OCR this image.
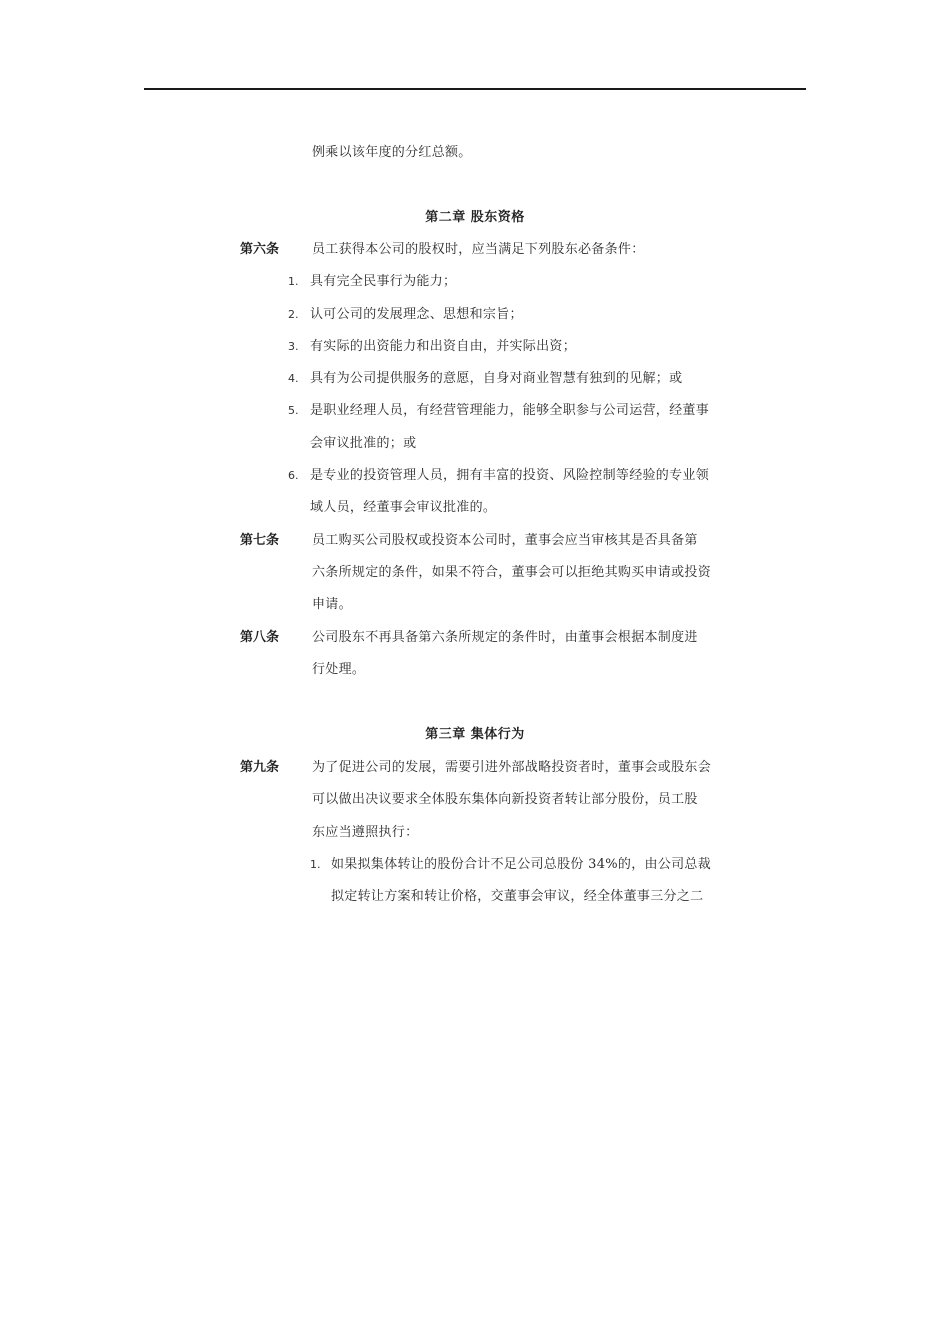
例乘以该年度的分红总额。
第二章 股东资格
第六条	员工获得本公司的股权时，应当满足下列股东必备条件：
1. 具有完全民事行为能力；
2. 认可公司的发展理念、思想和宗旨；
3. 有实际的出资能力和出资自由，并实际出资；
4. 具有为公司提供服务的意愿，自身对商业智慧有独到的见解；或
5. 是职业经理人员，有经营管理能力，能够全职参与公司运营，经董事
会审议批准的；或
6. 是专业的投资管理人员，拥有丰富的投资、风险控制等经验的专业领
域人员，经董事会审议批准的。
第七条	员工购买公司股权或投资本公司时，董事会应当审核其是否具备第
六条所规定的条件，如果不符合，董事会可以拒绝其购买申请或投资
申请。
第八条	公司股东不再具备第六条所规定的条件时，由董事会根据本制度进
行处理。
第三章 集体行为
第九条	为了促进公司的发展，需要引进外部战略投资者时，董事会或股东会
可以做出决议要求全体股东集体向新投资者转让部分股份，员工股
东应当遵照执行：
1. 如果拟集体转让的股份合计不足公司总股份 34%的，由公司总裁
拟定转让方案和转让价格，交董事会审议，经全体董事三分之二
